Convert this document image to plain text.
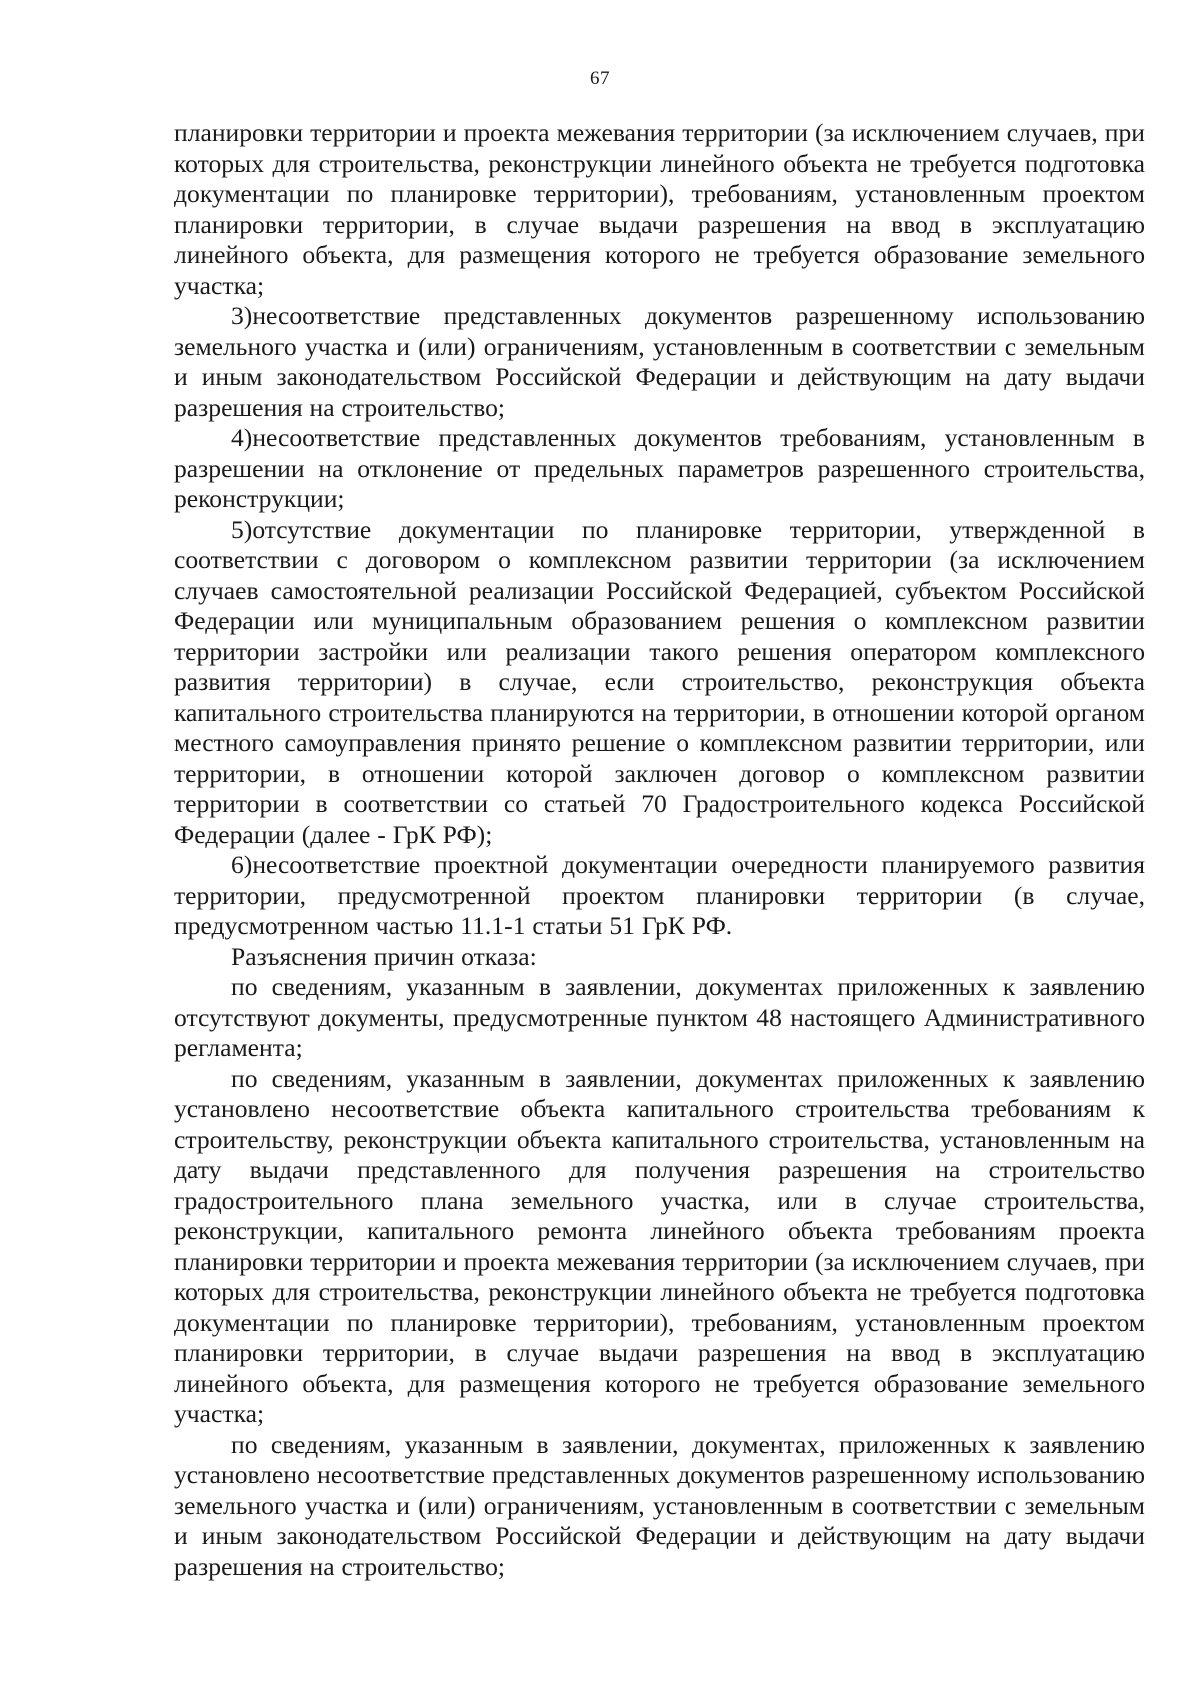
67

планировки территории и проекта межевания территории (за исключением случаев, при которых для строительства, реконструкции линейного объекта не требуется подготовка документации по планировке территории), требованиям, установленным проектом планировки территории, в случае выдачи разрешения на ввод в эксплуатацию линейного объекта, для размещения которого не требуется образование земельного участка;

3)несоответствие представленных документов разрешенному использованию земельного участка и (или) ограничениям, установленным в соответствии с земельным и иным законодательством Российской Федерации и действующим на дату выдачи разрешения на строительство;

4)несоответствие представленных документов требованиям, установленным в разрешении на отклонение от предельных параметров разрешенного строительства, реконструкции;

5)отсутствие документации по планировке территории, утвержденной в соответствии с договором о комплексном развитии территории (за исключением случаев самостоятельной реализации Российской Федерацией, субъектом Российской Федерации или муниципальным образованием решения о комплексном развитии территории застройки или реализации такого решения оператором комплексного развития территории) в случае, если строительство, реконструкция объекта капитального строительства планируются на территории, в отношении которой органом местного самоуправления принято решение о комплексном развитии территории, или территории, в отношении которой заключен договор о комплексном развитии территории в соответствии со статьей 70 Градостроительного кодекса Российской Федерации (далее - ГрК РФ);

6)несоответствие проектной документации очередности планируемого развития территории, предусмотренной проектом планировки территории (в случае, предусмотренном частью 11.1-1 статьи 51 ГрК РФ.

Разъяснения причин отказа:

по сведениям, указанным в заявлении, документах приложенных к заявлению отсутствуют документы, предусмотренные пунктом 48 настоящего Административного регламента;

по сведениям, указанным в заявлении, документах приложенных к заявлению установлено несоответствие объекта капитального строительства требованиям к строительству, реконструкции объекта капитального строительства, установленным на дату выдачи представленного для получения разрешения на строительство градостроительного плана земельного участка, или в случае строительства, реконструкции, капитального ремонта линейного объекта требованиям проекта планировки территории и проекта межевания территории (за исключением случаев, при которых для строительства, реконструкции линейного объекта не требуется подготовка документации по планировке территории), требованиям, установленным проектом планировки территории, в случае выдачи разрешения на ввод в эксплуатацию линейного объекта, для размещения которого не требуется образование земельного участка;

по сведениям, указанным в заявлении, документах, приложенных к заявлению установлено несоответствие представленных документов разрешенному использованию земельного участка и (или) ограничениям, установленным в соответствии с земельным и иным законодательством Российской Федерации и действующим на дату выдачи разрешения на строительство;
